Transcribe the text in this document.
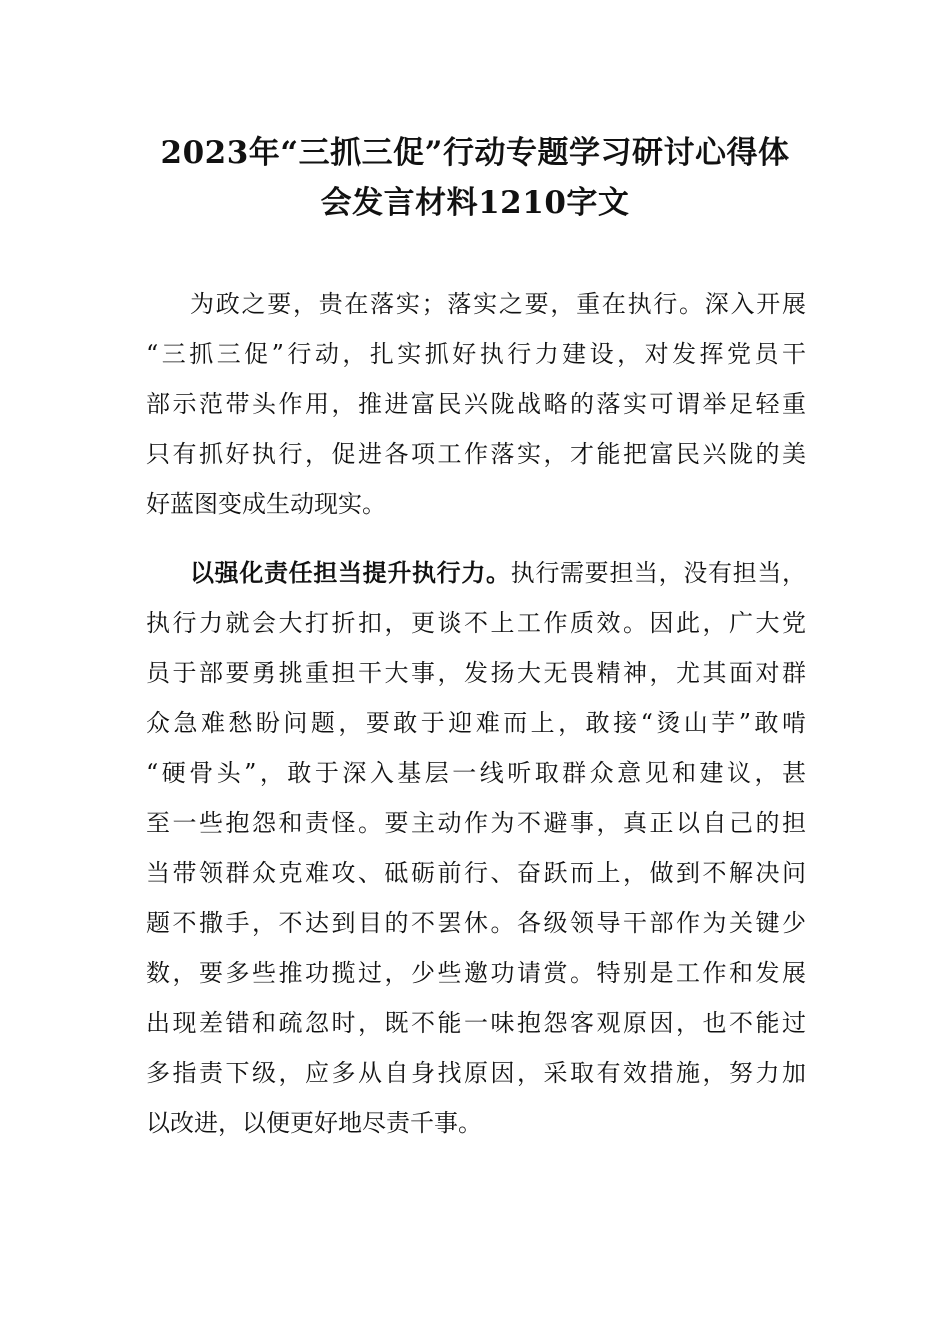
2023年“三抓三促”行动专题学习研讨心得体
会发言材料1210字文
为政之要，贵在落实；落实之要，重在执行。深入开展
“三抓三促”行动，扎实抓好执行力建设，对发挥党员干
部示范带头作用，推进富民兴陇战略的落实可谓举足轻重
只有抓好执行，促进各项工作落实，才能把富民兴陇的美
好蓝图变成生动现实。
以强化责任担当提升执行力。执行需要担当，没有担当，
执行力就会大打折扣，更谈不上工作质效。因此，广大党
员于部要勇挑重担干大事，发扬大无畏精神，尤其面对群
众急难愁盼问题，要敢于迎难而上，敢接“烫山芋”敢啃
“硬骨头”，敢于深入基层一线听取群众意见和建议，甚
至一些抱怨和责怪。要主动作为不避事，真正以自己的担
当带领群众克难攻、砥砺前行、奋跃而上，做到不解决问
题不撒手，不达到目的不罢休。各级领导干部作为关键少
数，要多些推功揽过，少些邀功请赏。特别是工作和发展
出现差错和疏忽时，既不能一味抱怨客观原因，也不能过
多指责下级，应多从自身找原因，采取有效措施，努力加
以改进，以便更好地尽责千事。
